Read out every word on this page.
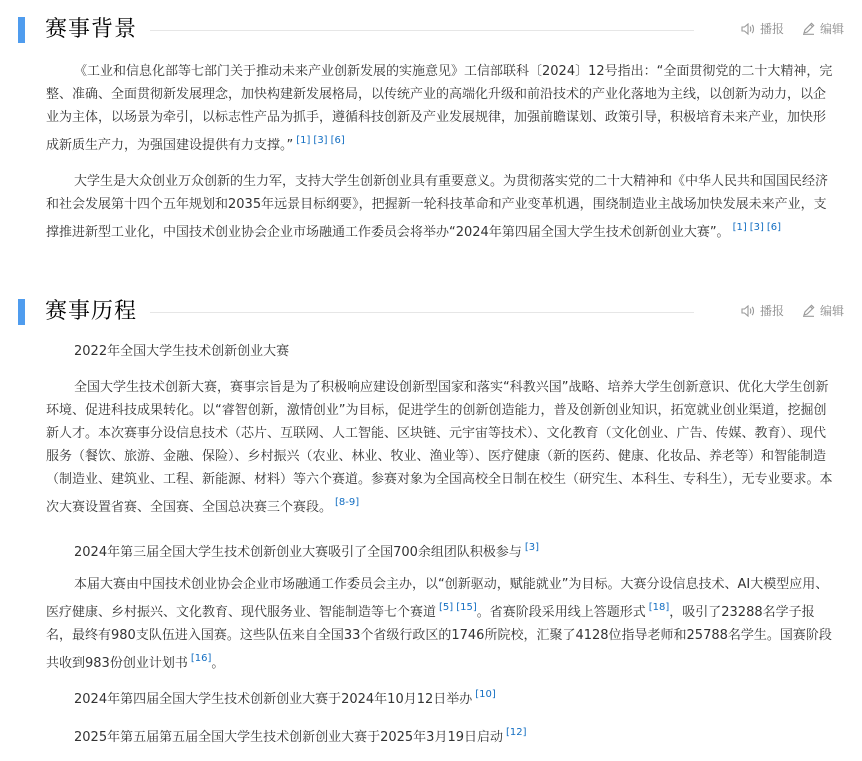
赛事背景	播报	编辑

《工业和信息化部等七部门关于推动未来产业创新发展的实施意见》工信部联科〔2024〕12号指出：“全面贯彻党的二十大精神，完整、准确、全面贯彻新发展理念，加快构建新发展格局，以传统产业的高端化升级和前沿技术的产业化落地为主线，以创新为动力，以企业为主体，以场景为牵引，以标志性产品为抓手，遵循科技创新及产业发展规律，加强前瞻谋划、政策引导，积极培育未来产业，加快形成新质生产力，为强国建设提供有力支撑。” [1] [3] [6]

大学生是大众创业万众创新的生力军，支持大学生创新创业具有重要意义。为贯彻落实党的二十大精神和《中华人民共和国国民经济和社会发展第十四个五年规划和2035年远景目标纲要》，把握新一轮科技革命和产业变革机遇，围绕制造业主战场加快发展未来产业，支撑推进新型工业化，中国技术创业协会企业市场融通工作委员会将举办“2024年第四届全国大学生技术创新创业大赛”。 [1] [3] [6]

赛事历程	播报	编辑

2022年全国大学生技术创新创业大赛

全国大学生技术创新大赛，赛事宗旨是为了积极响应建设创新型国家和落实“科教兴国”战略、培养大学生创新意识、优化大学生创新环境、促进科技成果转化。以“睿智创新，激情创业”为目标，促进学生的创新创造能力，普及创新创业知识，拓宽就业创业渠道，挖掘创新人才。本次赛事分设信息技术（芯片、互联网、人工智能、区块链、元宇宙等技术）、文化教育（文化创业、广告、传媒、教育）、现代服务（餐饮、旅游、金融、保险）、乡村振兴（农业、林业、牧业、渔业等）、医疗健康（新的医药、健康、化妆品、养老等）和智能制造（制造业、建筑业、工程、新能源、材料）等六个赛道。参赛对象为全国高校全日制在校生（研究生、本科生、专科生），无专业要求。本次大赛设置省赛、全国赛、全国总决赛三个赛段。 [8-9]

2024年第三届全国大学生技术创新创业大赛吸引了全国700余组团队积极参与 [3]

本届大赛由中国技术创业协会企业市场融通工作委员会主办，以“创新驱动，赋能就业”为目标。大赛分设信息技术、AI大模型应用、医疗健康、乡村振兴、文化教育、现代服务业、智能制造等七个赛道 [5] [15]。省赛阶段采用线上答题形式 [18]，吸引了23288名学子报名，最终有980支队伍进入国赛。这些队伍来自全国33个省级行政区的1746所院校，汇聚了4128位指导老师和25788名学生。国赛阶段共收到983份创业计划书 [16]。

2024年第四届全国大学生技术创新创业大赛于2024年10月12日举办 [10]

2025年第五届第五届全国大学生技术创新创业大赛于2025年3月19日启动 [12]
